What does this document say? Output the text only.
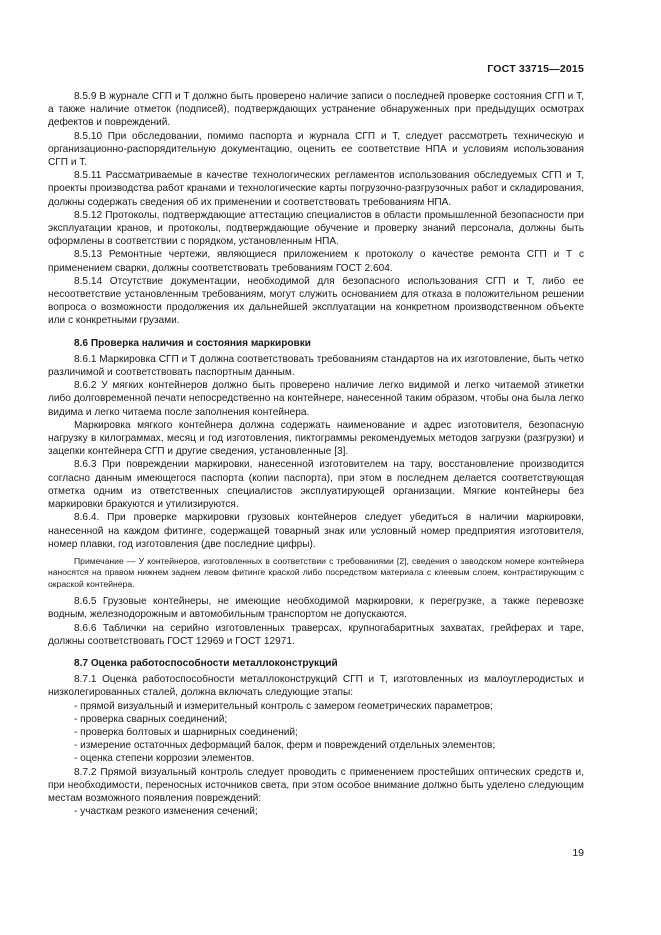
ГОСТ 33715—2015

8.5.9 В журнале СГП и Т должно быть проверено наличие записи о последней проверке состояния СГП и Т, а также наличие отметок (подписей), подтверждающих устранение обнаруженных при предыдущих осмотрах дефектов и повреждений.

8.5.10 При обследовании, помимо паспорта и журнала СГП и Т, следует рассмотреть техническую и организационно-распорядительную документацию, оценить ее соответствие НПА и условиям использования СГП и Т.

8.5.11 Рассматриваемые в качестве технологических регламентов использования обследуемых СГП и Т, проекты производства работ кранами и технологические карты погрузочно-разгрузочных работ и складирования, должны содержать сведения об их применении и соответствовать требованиям НПА.

8.5.12 Протоколы, подтверждающие аттестацию специалистов в области промышленной безопасности при эксплуатации кранов, и протоколы, подтверждающие обучение и проверку знаний персонала, должны быть оформлены в соответствии с порядком, установленным НПА.

8.5.13 Ремонтные чертежи, являющиеся приложением к протоколу о качестве ремонта СГП и Т с применением сварки, должны соответствовать требованиям ГОСТ 2.604.

8.5.14 Отсутствие документации, необходимой для безопасного использования СГП и Т, либо ее несоответствие установленным требованиям, могут служить основанием для отказа в положительном решении вопроса о возможности продолжения их дальнейшей эксплуатации на конкретном производственном объекте или с конкретными грузами.

8.6 Проверка наличия и состояния маркировки

8.6.1 Маркировка СГП и Т должна соответствовать требованиям стандартов на их изготовление, быть четко различимой и соответствовать паспортным данным.

8.6.2 У мягких контейнеров должно быть проверено наличие легко видимой и легко читаемой этикетки либо долговременной печати непосредственно на контейнере, нанесенной таким образом, чтобы она была легко видима и легко читаема после заполнения контейнера.

Маркировка мягкого контейнера должна содержать наименование и адрес изготовителя, безопасную нагрузку в килограммах, месяц и год изготовления, пиктограммы рекомендуемых методов загрузки (разгрузки) и зацепки контейнера СГП и другие сведения, установленные [3].

8.6.3 При повреждении маркировки, нанесенной изготовителем на тару, восстановление производится согласно данным имеющегося паспорта (копии паспорта), при этом в последнем делается соответствующая отметка одним из ответственных специалистов эксплуатирующей организации. Мягкие контейнеры без маркировки бракуются и утилизируются.

8.6.4. При проверке маркировки грузовых контейнеров следует убедиться в наличии маркировки, нанесенной на каждом фитинге, содержащей товарный знак или условный номер предприятия изготовителя, номер плавки, год изготовления (две последние цифры).

Примечание — У контейнеров, изготовленных в соответствии с требованиями [2], сведения о заводском номере контейнера наносятся на правом нижнем заднем левом фитинге краской либо посредством материала с клеевым слоем, контрастирующим с окраской контейнера.

8.6.5 Грузовые контейнеры, не имеющие необходимой маркировки, к перегрузке, а также перевозке водным, железнодорожным и автомобильным транспортом не допускаются.

8.6.6 Таблички на серийно изготовленных траверсах, крупногабаритных захватах, грейферах и таре, должны соответствовать ГОСТ 12969 и ГОСТ 12971.

8.7 Оценка работоспособности металлоконструкций

8.7.1 Оценка работоспособности металлоконструкций СГП и Т, изготовленных из малоуглеродистых и низколегированных сталей, должна включать следующие этапы:

- прямой визуальный и измерительный контроль с замером геометрических параметров;
- проверка сварных соединений;
- проверка болтовых и шарнирных соединений;
- измерение остаточных деформаций балок, ферм и повреждений отдельных элементов;
- оценка степени коррозии элементов.

8.7.2 Прямой визуальный контроль следует проводить с применением простейших оптических средств и, при необходимости, переносных источников света, при этом особое внимание должно быть уделено следующим местам возможного появления повреждений:

- участкам резкого изменения сечений;
19
